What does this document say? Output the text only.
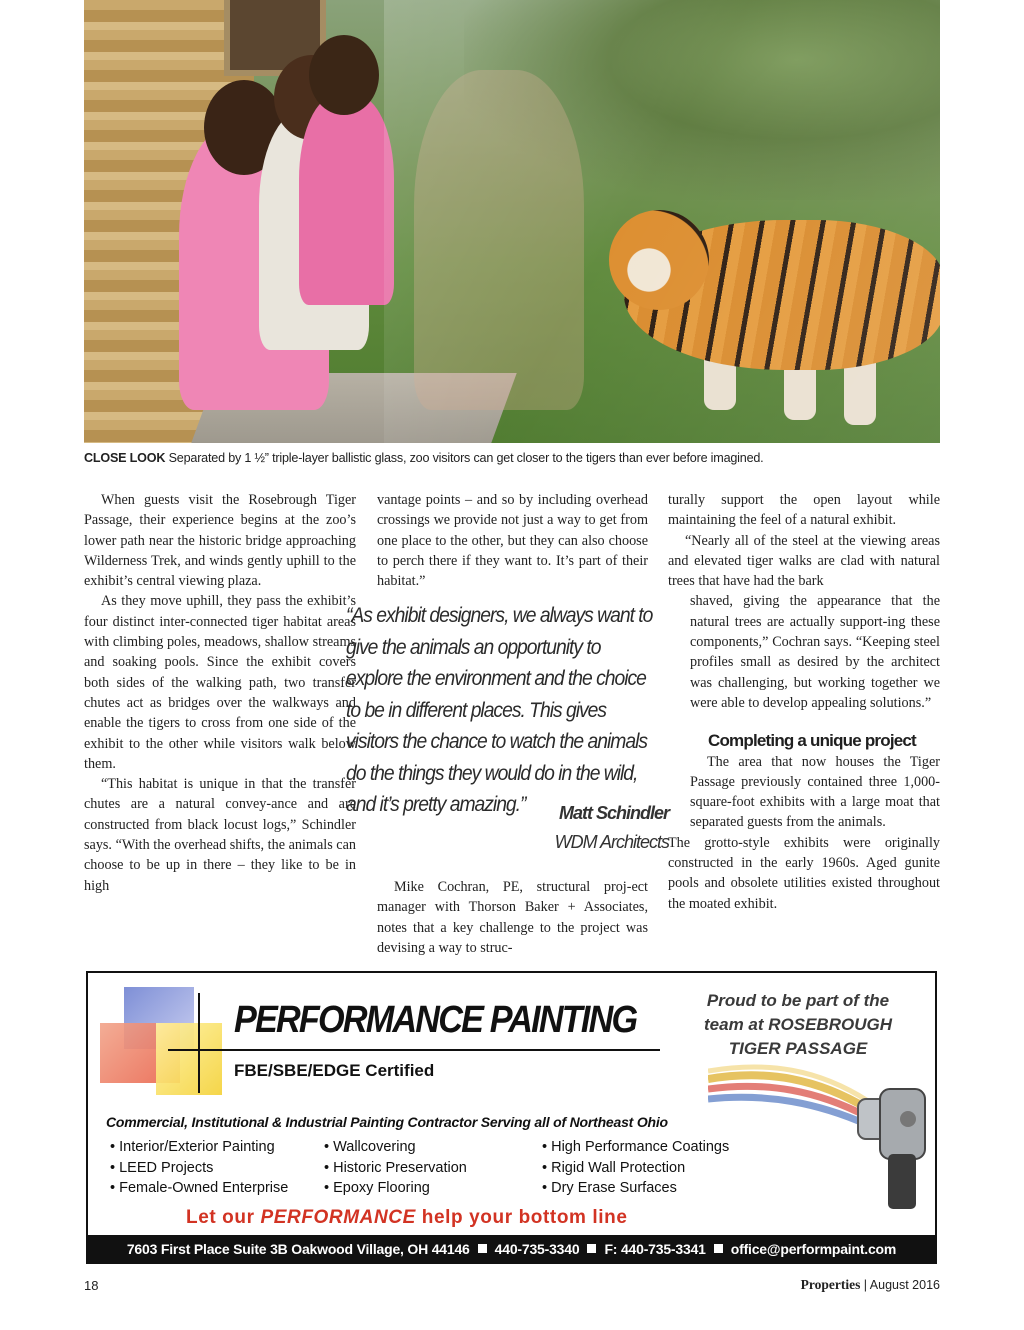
CLOSE LOOK Separated by 1 ½” triple-layer ballistic glass, zoo visitors can get closer to the tigers than ever before imagined.

When guests visit the Rosebrough Tiger Passage, their experience begins at the zoo’s lower path near the historic bridge approaching Wilderness Trek, and winds gently uphill to the exhibit’s central viewing plaza.

As they move uphill, they pass the exhibit’s four distinct inter-connected tiger habitat areas with climbing poles, meadows, shallow streams and soaking pools. Since the exhibit covers both sides of the walking path, two transfer chutes act as bridges over the walkways and enable the tigers to cross from one side of the exhibit to the other while visitors walk below them.

“This habitat is unique in that the transfer chutes are a natural convey-ance and are constructed from black locust logs,” Schindler says. “With the overhead shifts, the animals can choose to be up in there – they like to be in high

vantage points – and so by including overhead crossings we provide not just a way to get from one place to the other, but they can also choose to perch there if they want to. It’s part of their habitat.”

Mike Cochran, PE, structural proj-ect manager with Thorson Baker + Associates, notes that a key challenge to the project was devising a way to struc-

“As exhibit designers, we always want to give the animals an opportunity to explore the environment and the choice to be in different places. This gives visitors the chance to watch the animals do the things they would do in the wild, and it’s pretty amazing.”	Matt Schindler
WDM Architects

turally support the open layout while maintaining the feel of a natural exhibit.

“Nearly all of the steel at the viewing areas and elevated tiger walks are clad with natural trees that have had the bark

shaved, giving the appearance that the natural trees are actually support-ing these components,” Cochran says. “Keeping steel profiles small as desired by the architect was challenging, but working together we were able to develop appealing solutions.”

Completing a unique project

The area that now houses the Tiger Passage previously contained three 1,000-square-foot exhibits with a large moat that separated guests from the animals.

The grotto-style exhibits were originally constructed in the early 1960s. Aged gunite pools and obsolete utilities existed throughout the moated exhibit.

PERFORMANCE PAINTING
FBE/SBE/EDGE Certified
Proud to be part of the
team at ROSEBROUGH
TIGER PASSAGE
Commercial, Institutional & Industrial Painting Contractor Serving all of Northeast Ohio
• Interior/Exterior Painting
• LEED Projects
• Female-Owned Enterprise
• Wallcovering
• Historic Preservation
• Epoxy Flooring
• High Performance Coatings
• Rigid Wall Protection
• Dry Erase Surfaces
Let our PERFORMANCE help your bottom line
7603 First Place Suite 3B Oakwood Village, OH 44146 440-735-3340 F: 440-735-3341 office@performpaint.com
18	Properties | August 2016
